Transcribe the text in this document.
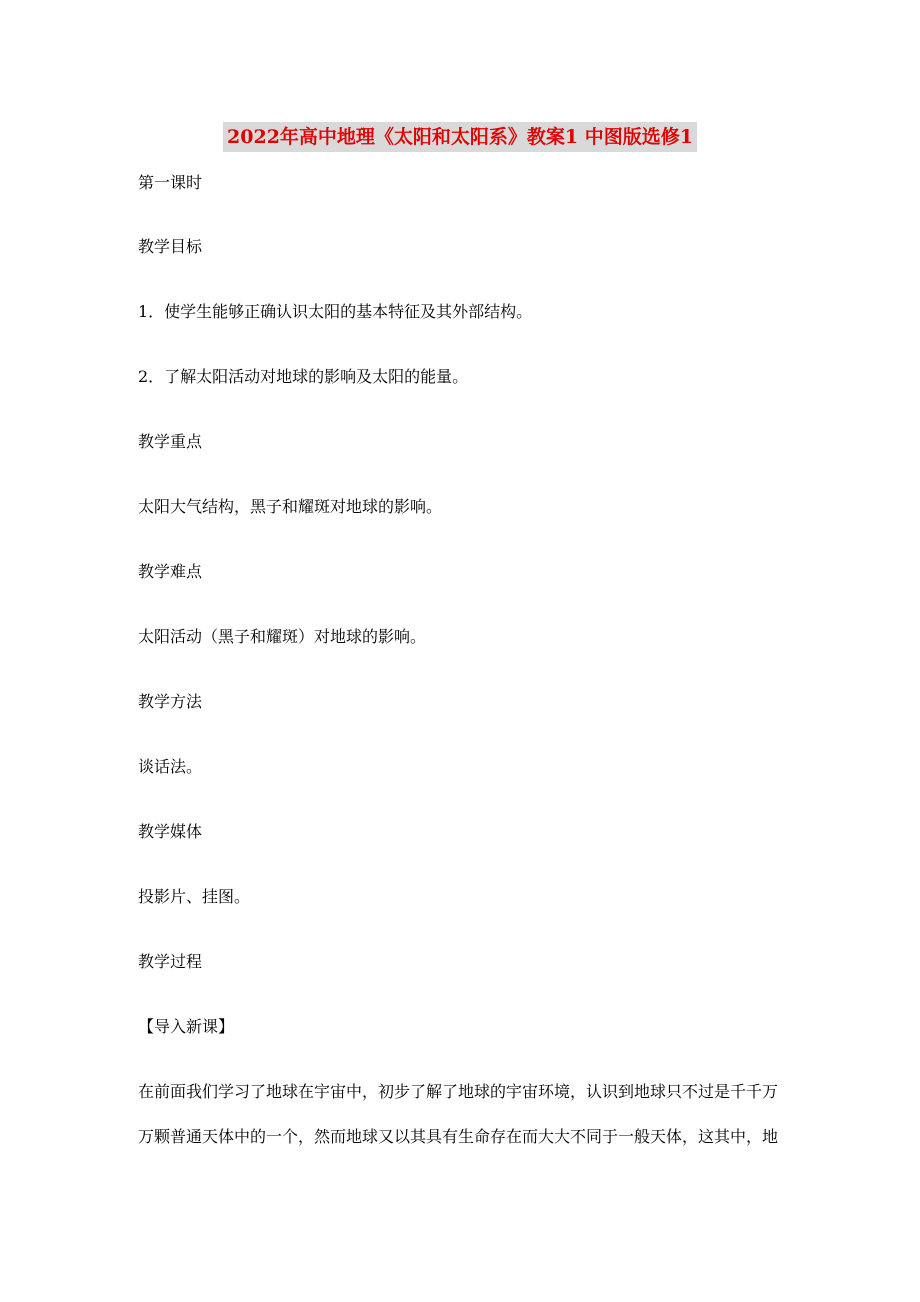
2022年高中地理《太阳和太阳系》教案1 中图版选修1
第一课时
教学目标
1．使学生能够正确认识太阳的基本特征及其外部结构。
2．了解太阳活动对地球的影响及太阳的能量。
教学重点
太阳大气结构，黑子和耀斑对地球的影响。
教学难点
太阳活动（黑子和耀斑）对地球的影响。
教学方法
谈话法。
教学媒体
投影片、挂图。
教学过程
【导入新课】
在前面我们学习了地球在宇宙中，初步了解了地球的宇宙环境，认识到地球只不过是千千万
万颗普通天体中的一个，然而地球又以其具有生命存在而大大不同于一般天体，这其中，地
